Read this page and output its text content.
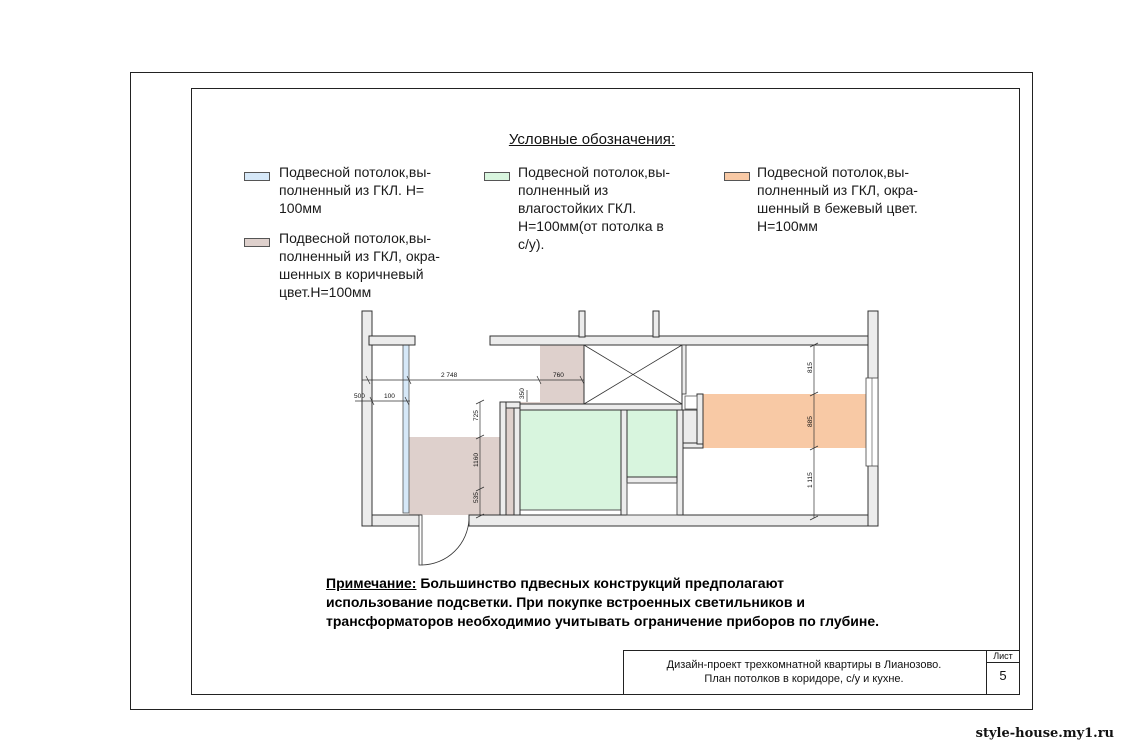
Условные обозначения:
Подвесной потолок,вы-
полненный из ГКЛ. Н=
100мм
Подвесной потолок,вы-
полненный из ГКЛ, окра-
шенных в коричневый
цвет.Н=100мм
Подвесной потолок,вы-
полненный из
влагостойких ГКЛ.
Н=100мм(от потолка в
с/у).
Подвесной потолок,вы-
полненный из ГКЛ, окра-
шенный в бежевый цвет.
Н=100мм
2 748
500	100
760
350
725
1160
535
815
885
1 115
Примечание: Большинство пдвесных конструкций предполагают
использование подсветки. При покупке встроенных светильников и
трансформаторов необходимио учитывать ограничение приборов по глубине.
Дизайн-проект трехкомнатной квартиры в Лианозово.
План потолков в коридоре, с/у и кухне.
Лист
5
style-house.my1.ru
